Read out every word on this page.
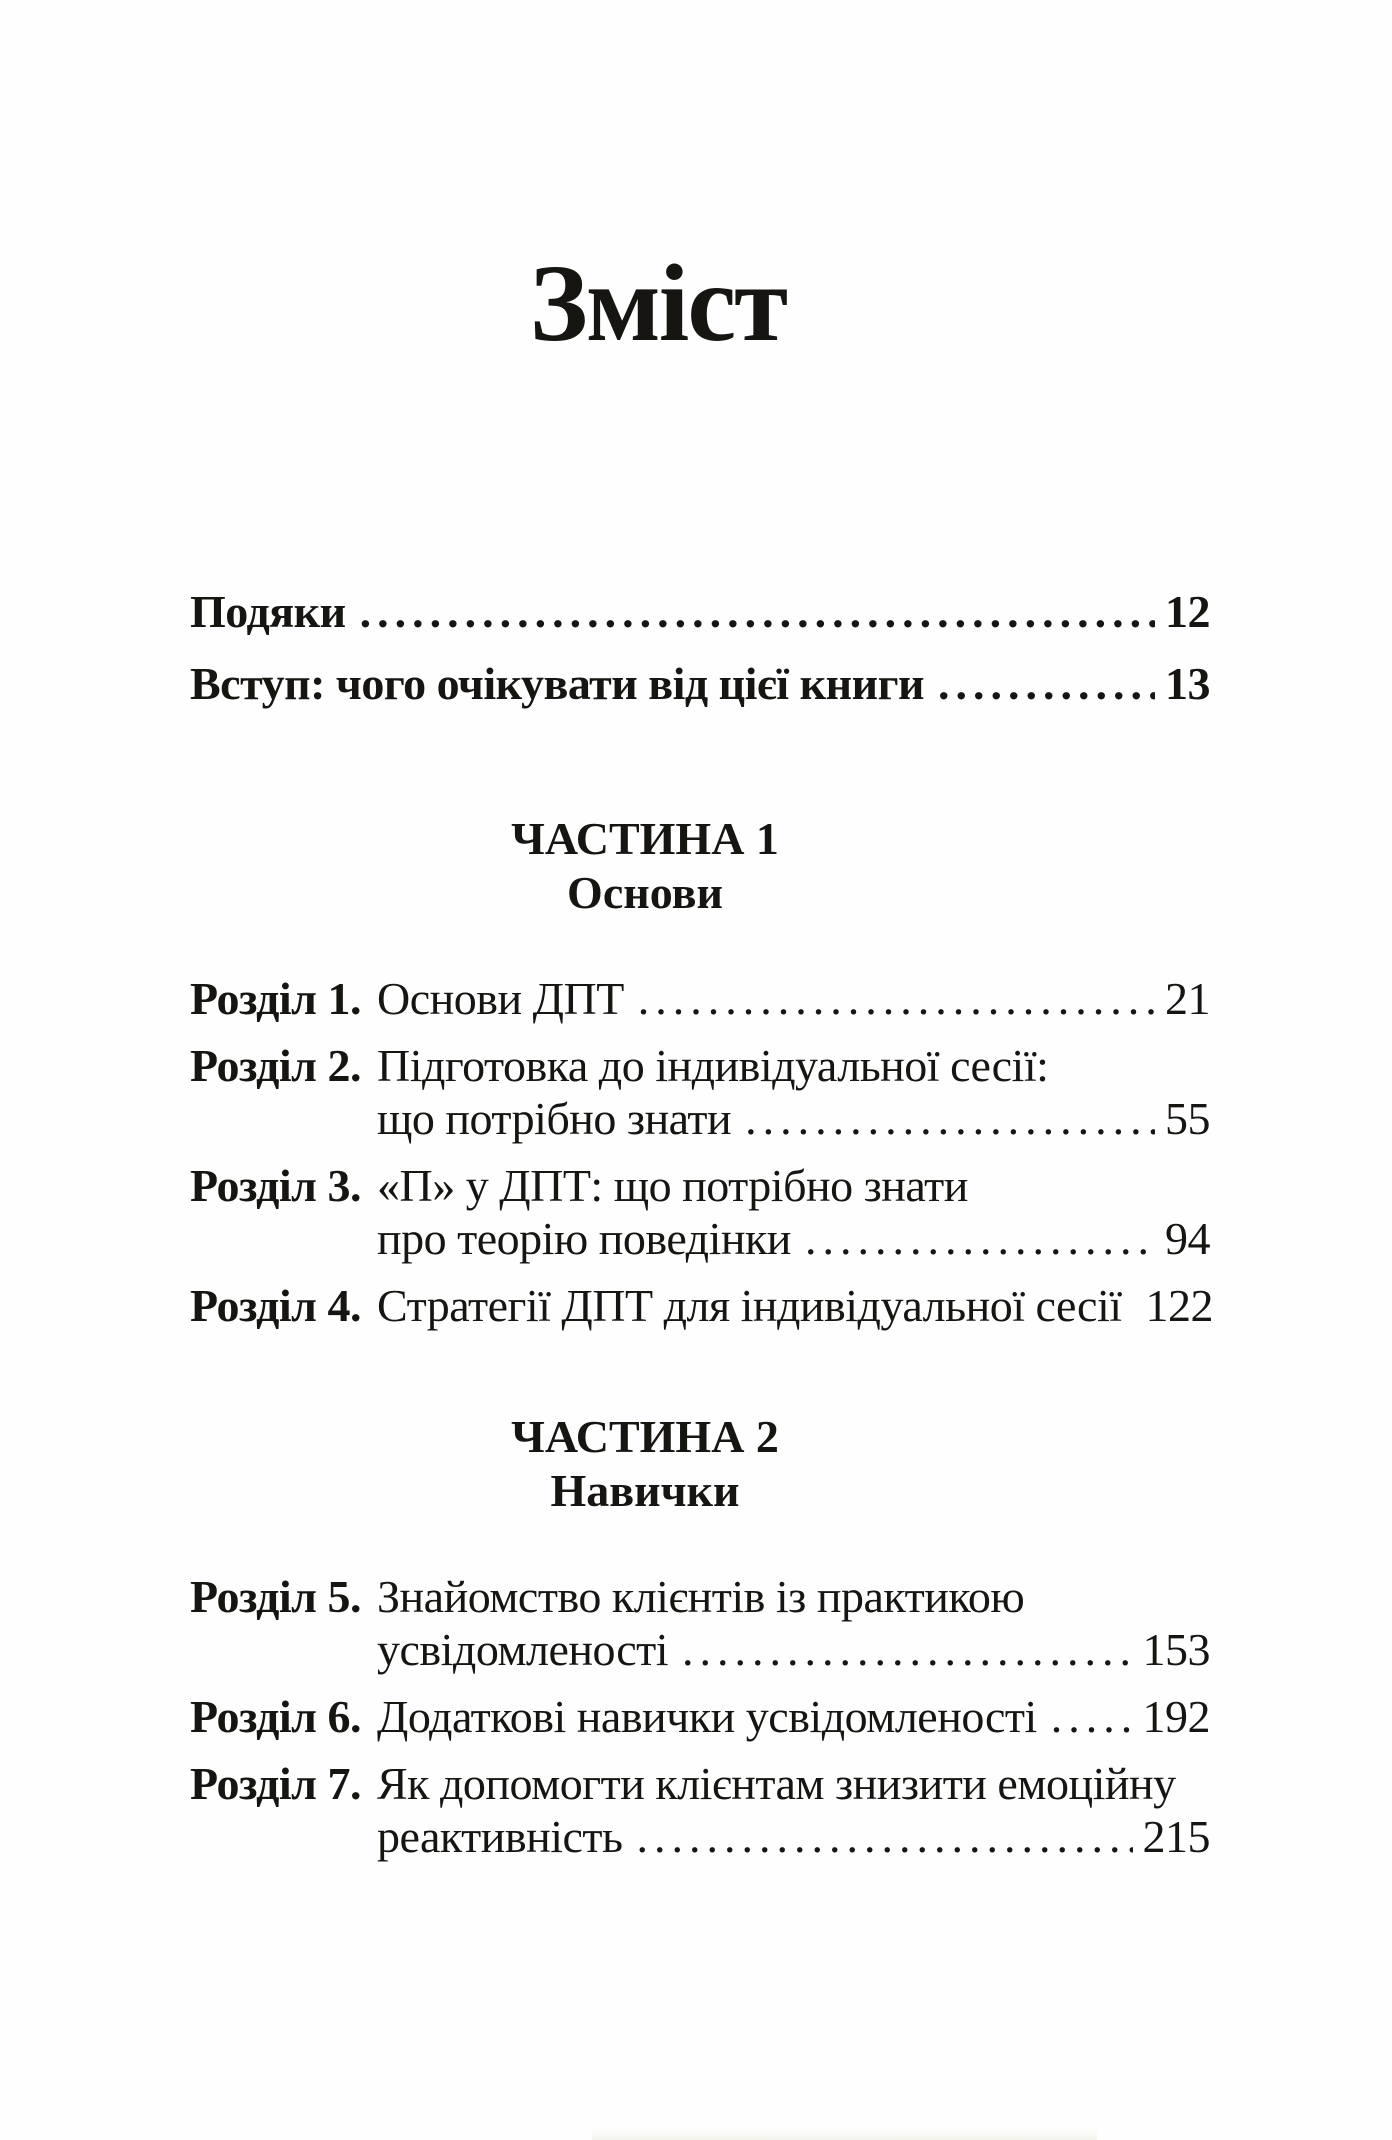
Зміст
Подяки .....	12
Вступ: чого очікувати від цієї книги .....	13
ЧАСТИНА 1
Основи
Розділ 1. Основи ДПТ .....	21
Розділ 2. Підготовка до індивідуальної сесії:
що потрібно знати .....	55
Розділ 3. «П» у ДПТ: що потрібно знати
про теорію поведінки .....	94
Розділ 4. Стратегії ДПТ для індивідуальної сесії 122
ЧАСТИНА 2
Навички
Розділ 5. Знайомство клієнтів із практикою
усвідомленості .....	153
Розділ 6. Додаткові навички усвідомленості ..... 192
Розділ 7. Як допомогти клієнтам знизити емоційну
реактивність .....	215
